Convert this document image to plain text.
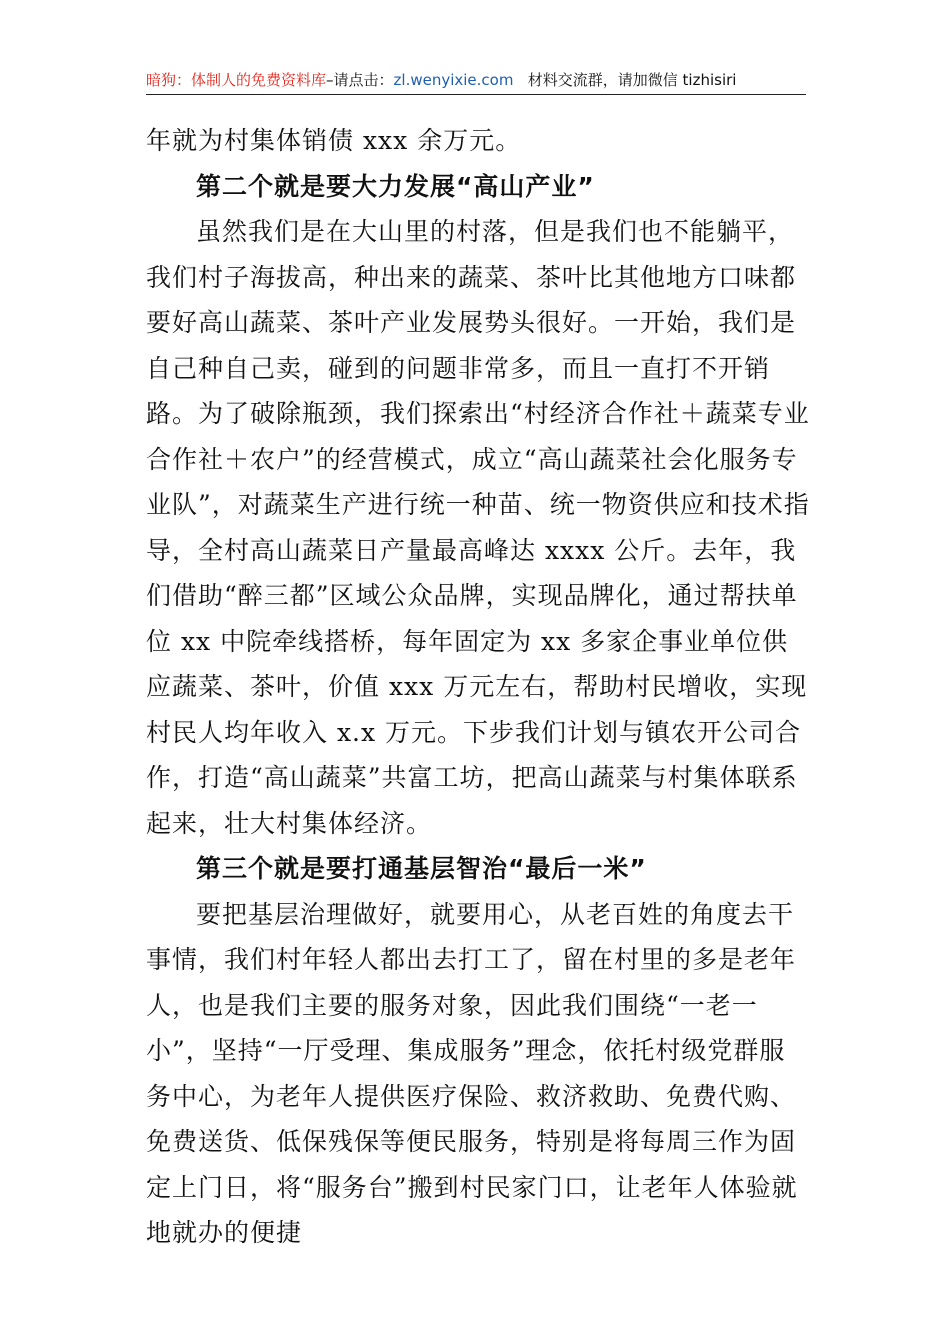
暗狗：体制人的免费资料库–请点击：zl.wenyixie.com 材料交流群，请加微信 tizhisiri

年就为村集体销债 xxx 余万元。

第二个就是要大力发展“高山产业”

虽然我们是在大山里的村落，但是我们也不能躺平，我们村子海拔高，种出来的蔬菜、茶叶比其他地方口味都要好高山蔬菜、茶叶产业发展势头很好。一开始，我们是自己种自己卖，碰到的问题非常多，而且一直打不开销路。为了破除瓶颈，我们探索出“村经济合作社＋蔬菜专业合作社＋农户”的经营模式，成立“高山蔬菜社会化服务专业队”，对蔬菜生产进行统一种苗、统一物资供应和技术指导，全村高山蔬菜日产量最高峰达 xxxx 公斤。去年，我们借助“醉三都”区域公众品牌，实现品牌化，通过帮扶单位 xx 中院牵线搭桥，每年固定为 xx 多家企事业单位供应蔬菜、茶叶，价值 xxx 万元左右，帮助村民增收，实现村民人均年收入 x.x 万元。下步我们计划与镇农开公司合作，打造“高山蔬菜”共富工坊，把高山蔬菜与村集体联系起来，壮大村集体经济。

第三个就是要打通基层智治“最后一米”

要把基层治理做好，就要用心，从老百姓的角度去干事情，我们村年轻人都出去打工了，留在村里的多是老年人，也是我们主要的服务对象，因此我们围绕“一老一小”，坚持“一厅受理、集成服务”理念，依托村级党群服务中心，为老年人提供医疗保险、救济救助、免费代购、免费送货、低保残保等便民服务，特别是将每周三作为固定上门日，将“服务台”搬到村民家门口，让老年人体验就地就办的便捷
